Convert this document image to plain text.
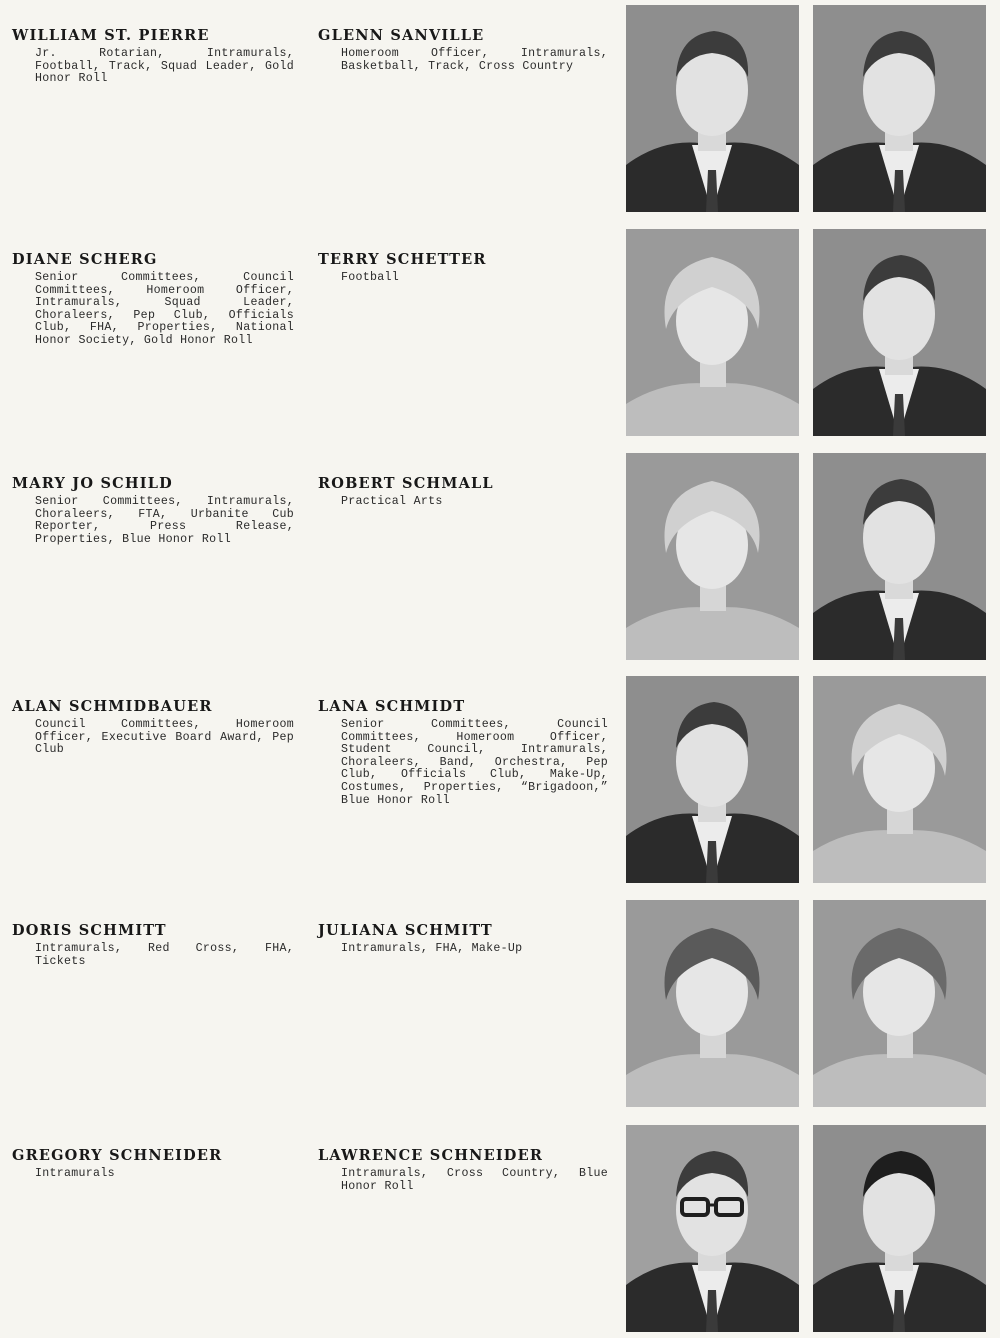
WILLIAM ST. PIERRE

Jr. Rotarian, Intramurals, Football, Track, Squad Leader, Gold Honor Roll

GLENN SANVILLE

Homeroom Officer, Intramurals, Basketball, Track, Cross Country

DIANE SCHERG

Senior Committees, Council Committees, Homeroom Officer, Intramurals, Squad Leader, Choraleers, Pep Club, Officials Club, FHA, Properties, National Honor Society, Gold Honor Roll

TERRY SCHETTER

Football

MARY JO SCHILD

Senior Committees, Intramurals, Choraleers, FTA, Urbanite Cub Reporter, Press Release, Properties, Blue Honor Roll

ROBERT SCHMALL

Practical Arts

ALAN SCHMIDBAUER

Council Committees, Homeroom Officer, Executive Board Award, Pep Club

LANA SCHMIDT

Senior Committees, Council Committees, Homeroom Officer, Student Council, Intramurals, Choraleers, Band, Orchestra, Pep Club, Officials Club, Make-Up, Costumes, Properties, “Brigadoon,” Blue Honor Roll

DORIS SCHMITT

Intramurals, Red Cross, FHA, Tickets

JULIANA SCHMITT

Intramurals, FHA, Make-Up

GREGORY SCHNEIDER

Intramurals

LAWRENCE SCHNEIDER

Intramurals, Cross Country, Blue Honor Roll
